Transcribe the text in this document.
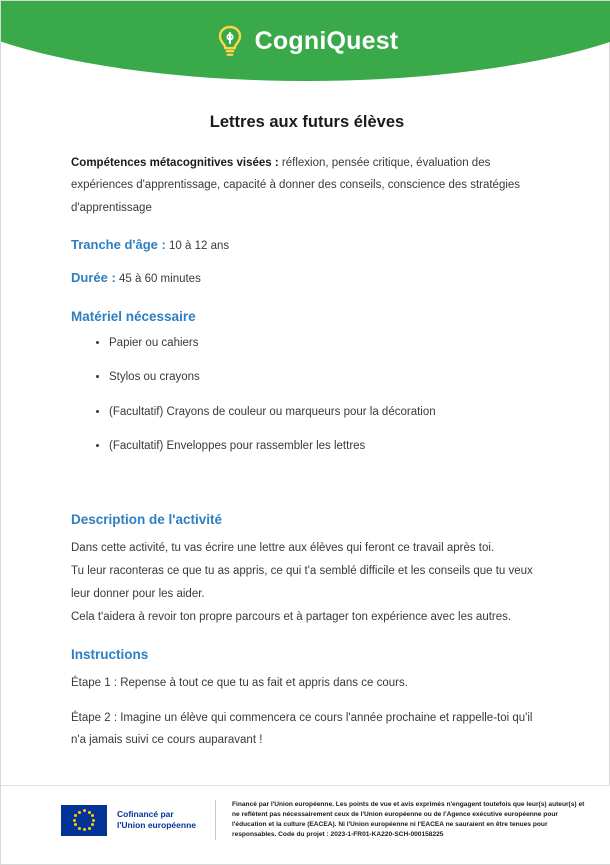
CogniQuest
Lettres aux futurs élèves

Compétences métacognitives visées : réflexion, pensée critique, évaluation des expériences d'apprentissage, capacité à donner des conseils, conscience des stratégies d'apprentissage

Tranche d'âge : 10 à 12 ans

Durée : 45 à 60 minutes

Matériel nécessaire
• Papier ou cahiers
• Stylos ou crayons
• (Facultatif) Crayons de couleur ou marqueurs pour la décoration
• (Facultatif) Enveloppes pour rassembler les lettres
Description de l'activité

Dans cette activité, tu vas écrire une lettre aux élèves qui feront ce travail après toi.

Tu leur raconteras ce que tu as appris, ce qui t'a semblé difficile et les conseils que tu veux leur donner pour les aider.

Cela t'aidera à revoir ton propre parcours et à partager ton expérience avec les autres.

Instructions

Étape 1 : Repense à tout ce que tu as fait et appris dans ce cours.

Étape 2 : Imagine un élève qui commencera ce cours l'année prochaine et rappelle-toi qu'il n'a jamais suivi ce cours auparavant !

Cofinancé par l'Union européenne
Financé par l'Union européenne. Les points de vue et avis exprimés n'engagent toutefois que leur(s) auteur(s) et ne reflètent pas nécessairement ceux de l'Union européenne ou de l'Agence exécutive européenne pour l'éducation et la culture (EACEA). Ni l'Union européenne ni l'EACEA ne sauraient en être tenues pour responsables. Code du projet : 2023-1-FR01-KA220-SCH-000158225
